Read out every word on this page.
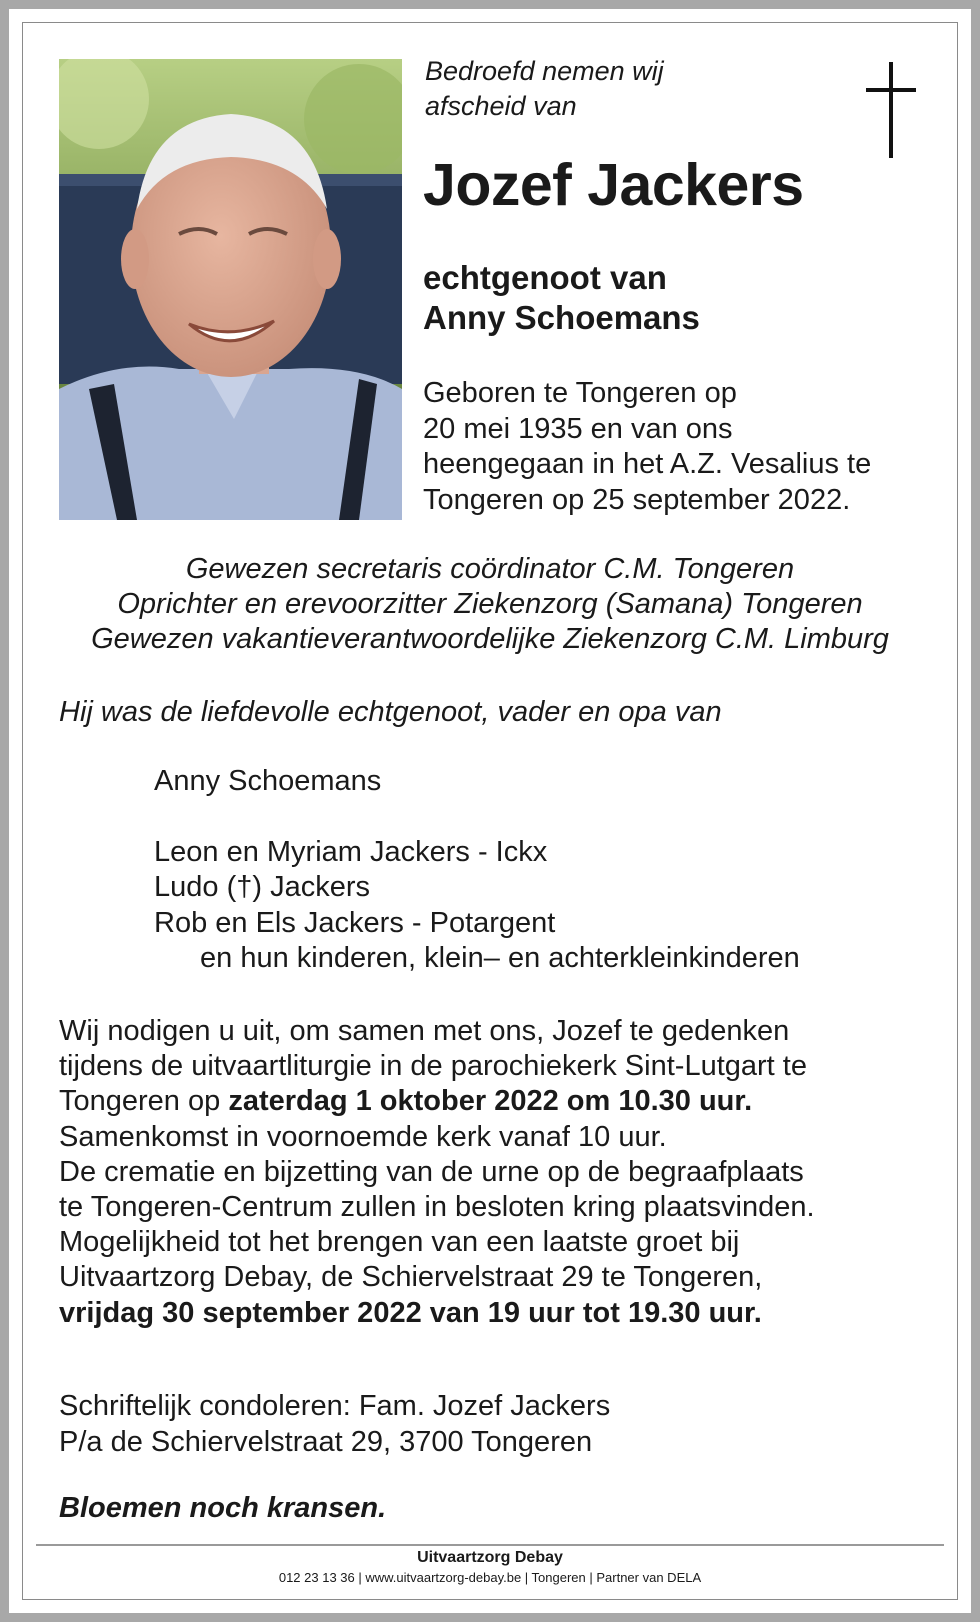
Bedroefd nemen wij
afscheid van
Jozef Jackers
echtgenoot van
Anny Schoemans
Geboren te Tongeren op
20 mei 1935 en van ons
heengegaan in het A.Z. Vesalius te
Tongeren op 25 september 2022.
Gewezen secretaris coördinator C.M. Tongeren
Oprichter en erevoorzitter Ziekenzorg (Samana) Tongeren
Gewezen vakantieverantwoordelijke Ziekenzorg C.M. Limburg
Hij was de liefdevolle echtgenoot, vader en opa van
Anny Schoemans
Leon en Myriam Jackers - Ickx
Ludo (†) Jackers
Rob en Els Jackers - Potargent
en hun kinderen, klein– en achterkleinkinderen
Wij nodigen u uit, om samen met ons, Jozef te gedenken
tijdens de uitvaartliturgie in de parochiekerk Sint-Lutgart te
Tongeren op zaterdag 1 oktober 2022 om 10.30 uur.
Samenkomst in voornoemde kerk vanaf 10 uur.
De crematie en bijzetting van de urne op de begraafplaats
te Tongeren-Centrum zullen in besloten kring plaatsvinden.
Mogelijkheid tot het brengen van een laatste groet bij
Uitvaartzorg Debay, de Schiervelstraat 29 te Tongeren,
vrijdag 30 september 2022 van 19 uur tot 19.30 uur.
Schriftelijk condoleren: Fam. Jozef Jackers
P/a de Schiervelstraat 29, 3700 Tongeren
Bloemen noch kransen.
Uitvaartzorg Debay
012 23 13 36 | www.uitvaartzorg-debay.be | Tongeren | Partner van DELA
